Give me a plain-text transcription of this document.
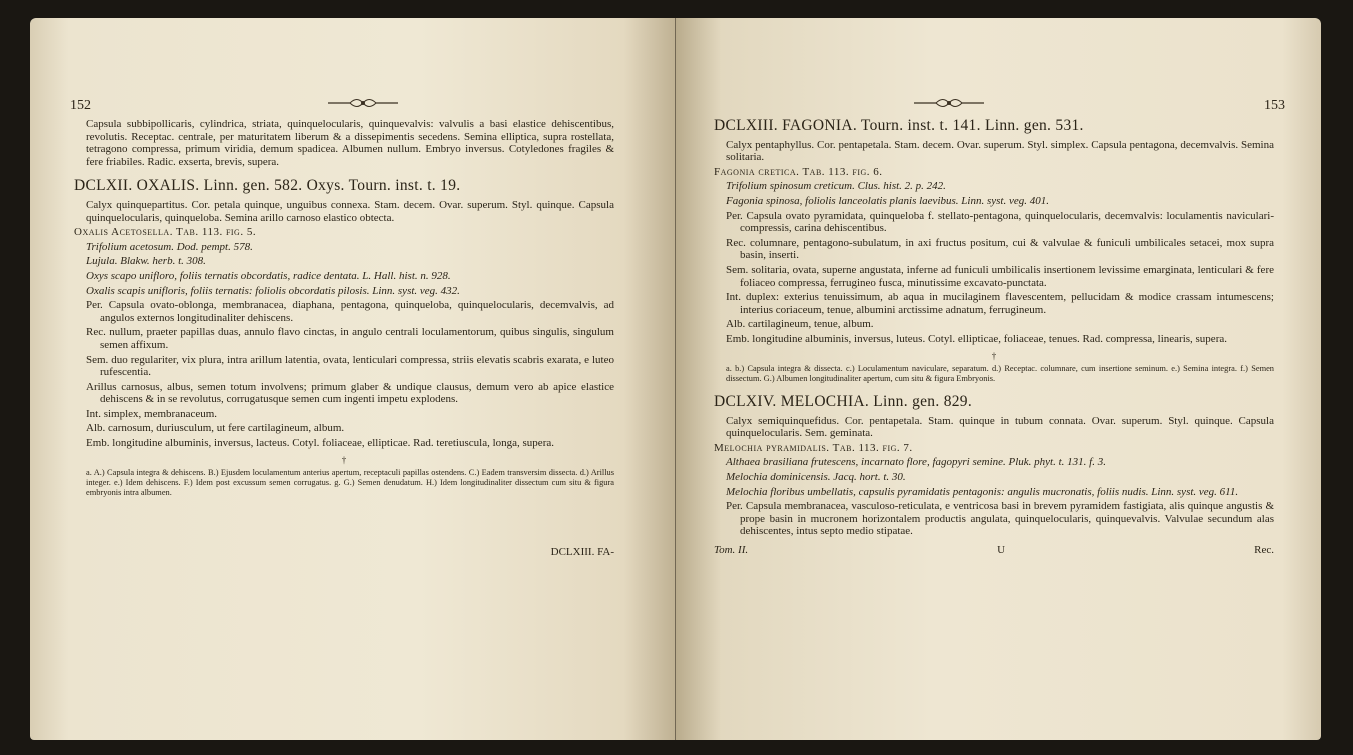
152

Capsula subbipollicaris, cylindrica, striata, quinquelocularis, quinquevalvis: valvulis a basi elastice dehiscentibus, revolutis. Receptac. centrale, per maturitatem liberum & a dissepimentis secedens. Semina elliptica, supra rostellata, tetragono compressa, primum viridia, demum spadicea. Albumen nullum. Embryo inversus. Cotyledones fragiles & fere friabiles. Radic. exserta, brevis, supera.

DCLXII. OXALIS. Linn. gen. 582. Oxys. Tourn. inst. t. 19.

Calyx quinquepartitus. Cor. petala quinque, unguibus connexa. Stam. decem. Ovar. superum. Styl. quinque. Capsula quinquelocularis, quinqueloba. Semina arillo carnoso elastico obtecta.

Oxalis Acetosella. Tab. 113. fig. 5.

Trifolium acetosum. Dod. pempt. 578.

Lujula. Blakw. herb. t. 308.

Oxys scapo unifloro, foliis ternatis obcordatis, radice dentata. L. Hall. hist. n. 928.

Oxalis scapis unifloris, foliis ternatis: foliolis obcordatis pilosis. Linn. syst. veg. 432.

Per. Capsula ovato-oblonga, membranacea, diaphana, pentagona, quinqueloba, quinquelocularis, decemvalvis, ad angulos externos longitudinaliter dehiscens.

Rec. nullum, praeter papillas duas, annulo flavo cinctas, in angulo centrali loculamentorum, quibus singulis, singulum semen affixum.

Sem. duo regulariter, vix plura, intra arillum latentia, ovata, lenticulari compressa, striis elevatis scabris exarata, e luteo rufescentia.

Arillus carnosus, albus, semen totum involvens; primum glaber & undique clausus, demum vero ab apice elastice dehiscens & in se revolutus, corrugatusque semen cum ingenti impetu explodens.

Int. simplex, membranaceum.

Alb. carnosum, duriusculum, ut fere cartilagineum, album.

Emb. longitudine albuminis, inversus, lacteus. Cotyl. foliaceae, ellipticae. Rad. teretiuscula, longa, supera.

†
a. A.) Capsula integra & dehiscens. B.) Ejusdem loculamentum anterius apertum, receptaculi papillas ostendens. C.) Eadem transversim dissecta. d.) Arillus integer. e.) Idem dehiscens. F.) Idem post excussum semen corrugatus. g. G.) Semen denudatum. H.) Idem longitudinaliter dissectum cum situ & figura embryonis intra albumen.
DCLXIII. FA-
153
DCLXIII. FAGONIA. Tourn. inst. t. 141. Linn. gen. 531.

Calyx pentaphyllus. Cor. pentapetala. Stam. decem. Ovar. superum. Styl. simplex. Capsula pentagona, decemvalvis. Semina solitaria.

Fagonia cretica. Tab. 113. fig. 6.

Trifolium spinosum creticum. Clus. hist. 2. p. 242.

Fagonia spinosa, foliolis lanceolatis planis laevibus. Linn. syst. veg. 401.

Per. Capsula ovato pyramidata, quinqueloba f. stellato-pentagona, quinquelocularis, decemvalvis: loculamentis naviculari-compressis, carina dehiscentibus.

Rec. columnare, pentagono-subulatum, in axi fructus positum, cui & valvulae & funiculi umbilicales setacei, mox supra basin, inserti.

Sem. solitaria, ovata, superne angustata, inferne ad funiculi umbilicalis insertionem levissime emarginata, lenticulari & fere foliaceo compressa, ferrugineo fusca, minutissime excavato-punctata.

Int. duplex: exterius tenuissimum, ab aqua in mucilaginem flavescentem, pellucidam & modice crassam intumescens; interius coriaceum, tenue, albumini arctissime adnatum, ferrugineum.

Alb. cartilagineum, tenue, album.

Emb. longitudine albuminis, inversus, luteus. Cotyl. ellipticae, foliaceae, tenues. Rad. compressa, linearis, supera.

†
a. b.) Capsula integra & dissecta. c.) Loculamentum naviculare, separatum. d.) Receptac. columnare, cum insertione seminum. e.) Semina integra. f.) Semen dissectum. G.) Albumen longitudinaliter apertum, cum situ & figura Embryonis.
DCLXIV. MELOCHIA. Linn. gen. 829.

Calyx semiquinquefidus. Cor. pentapetala. Stam. quinque in tubum connata. Ovar. superum. Styl. quinque. Capsula quinquelocularis. Sem. geminata.

Melochia pyramidalis. Tab. 113. fig. 7.

Althaea brasiliana frutescens, incarnato flore, fagopyri semine. Pluk. phyt. t. 131. f. 3.

Melochia dominicensis. Jacq. hort. t. 30.

Melochia floribus umbellatis, capsulis pyramidatis pentagonis: angulis mucronatis, foliis nudis. Linn. syst. veg. 611.

Per. Capsula membranacea, vasculoso-reticulata, e ventricosa basi in brevem pyramidem fastigiata, alis quinque angustis & prope basin in mucronem horizontalem productis angulata, quinquelocularis, quinquevalvis. Valvulae secundum alas dehiscentes, intus septo medio stipatae.

Tom. II.	U	Rec.
